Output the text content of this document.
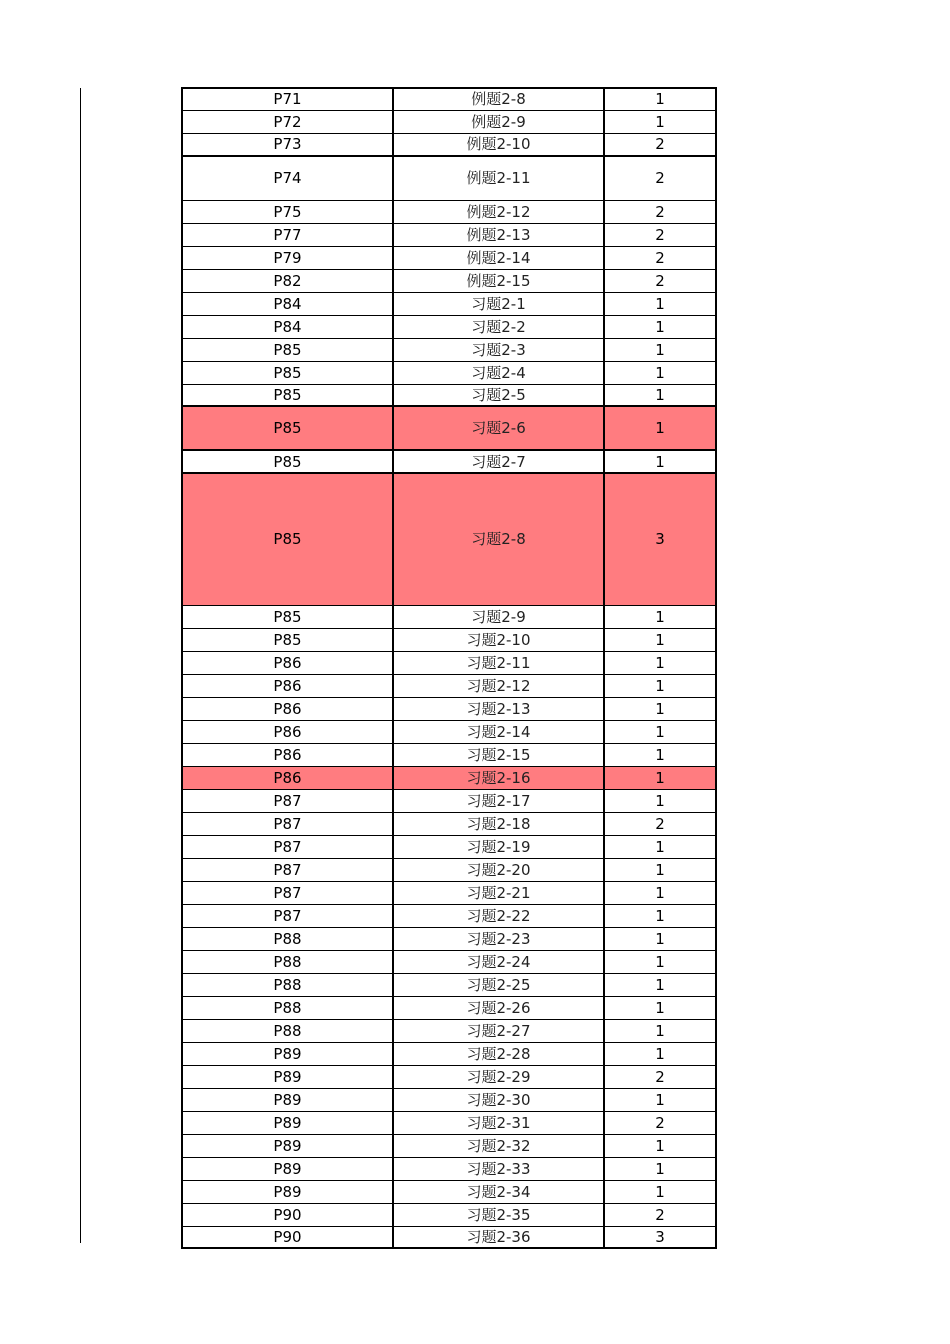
P71	例题2-8	1
P72	例题2-9	1
P73	例题2-10	2
P74	例题2-11	2
P75	例题2-12	2
P77	例题2-13	2
P79	例题2-14	2
P82	例题2-15	2
P84	习题2-1	1
P84	习题2-2	1
P85	习题2-3	1
P85	习题2-4	1
P85	习题2-5	1
P85	习题2-6	1
P85	习题2-7	1
P85	习题2-8	3
P85	习题2-9	1
P85	习题2-10	1
P86	习题2-11	1
P86	习题2-12	1
P86	习题2-13	1
P86	习题2-14	1
P86	习题2-15	1
P86	习题2-16	1
P87	习题2-17	1
P87	习题2-18	2
P87	习题2-19	1
P87	习题2-20	1
P87	习题2-21	1
P87	习题2-22	1
P88	习题2-23	1
P88	习题2-24	1
P88	习题2-25	1
P88	习题2-26	1
P88	习题2-27	1
P89	习题2-28	1
P89	习题2-29	2
P89	习题2-30	1
P89	习题2-31	2
P89	习题2-32	1
P89	习题2-33	1
P89	习题2-34	1
P90	习题2-35	2
P90	习题2-36	3
